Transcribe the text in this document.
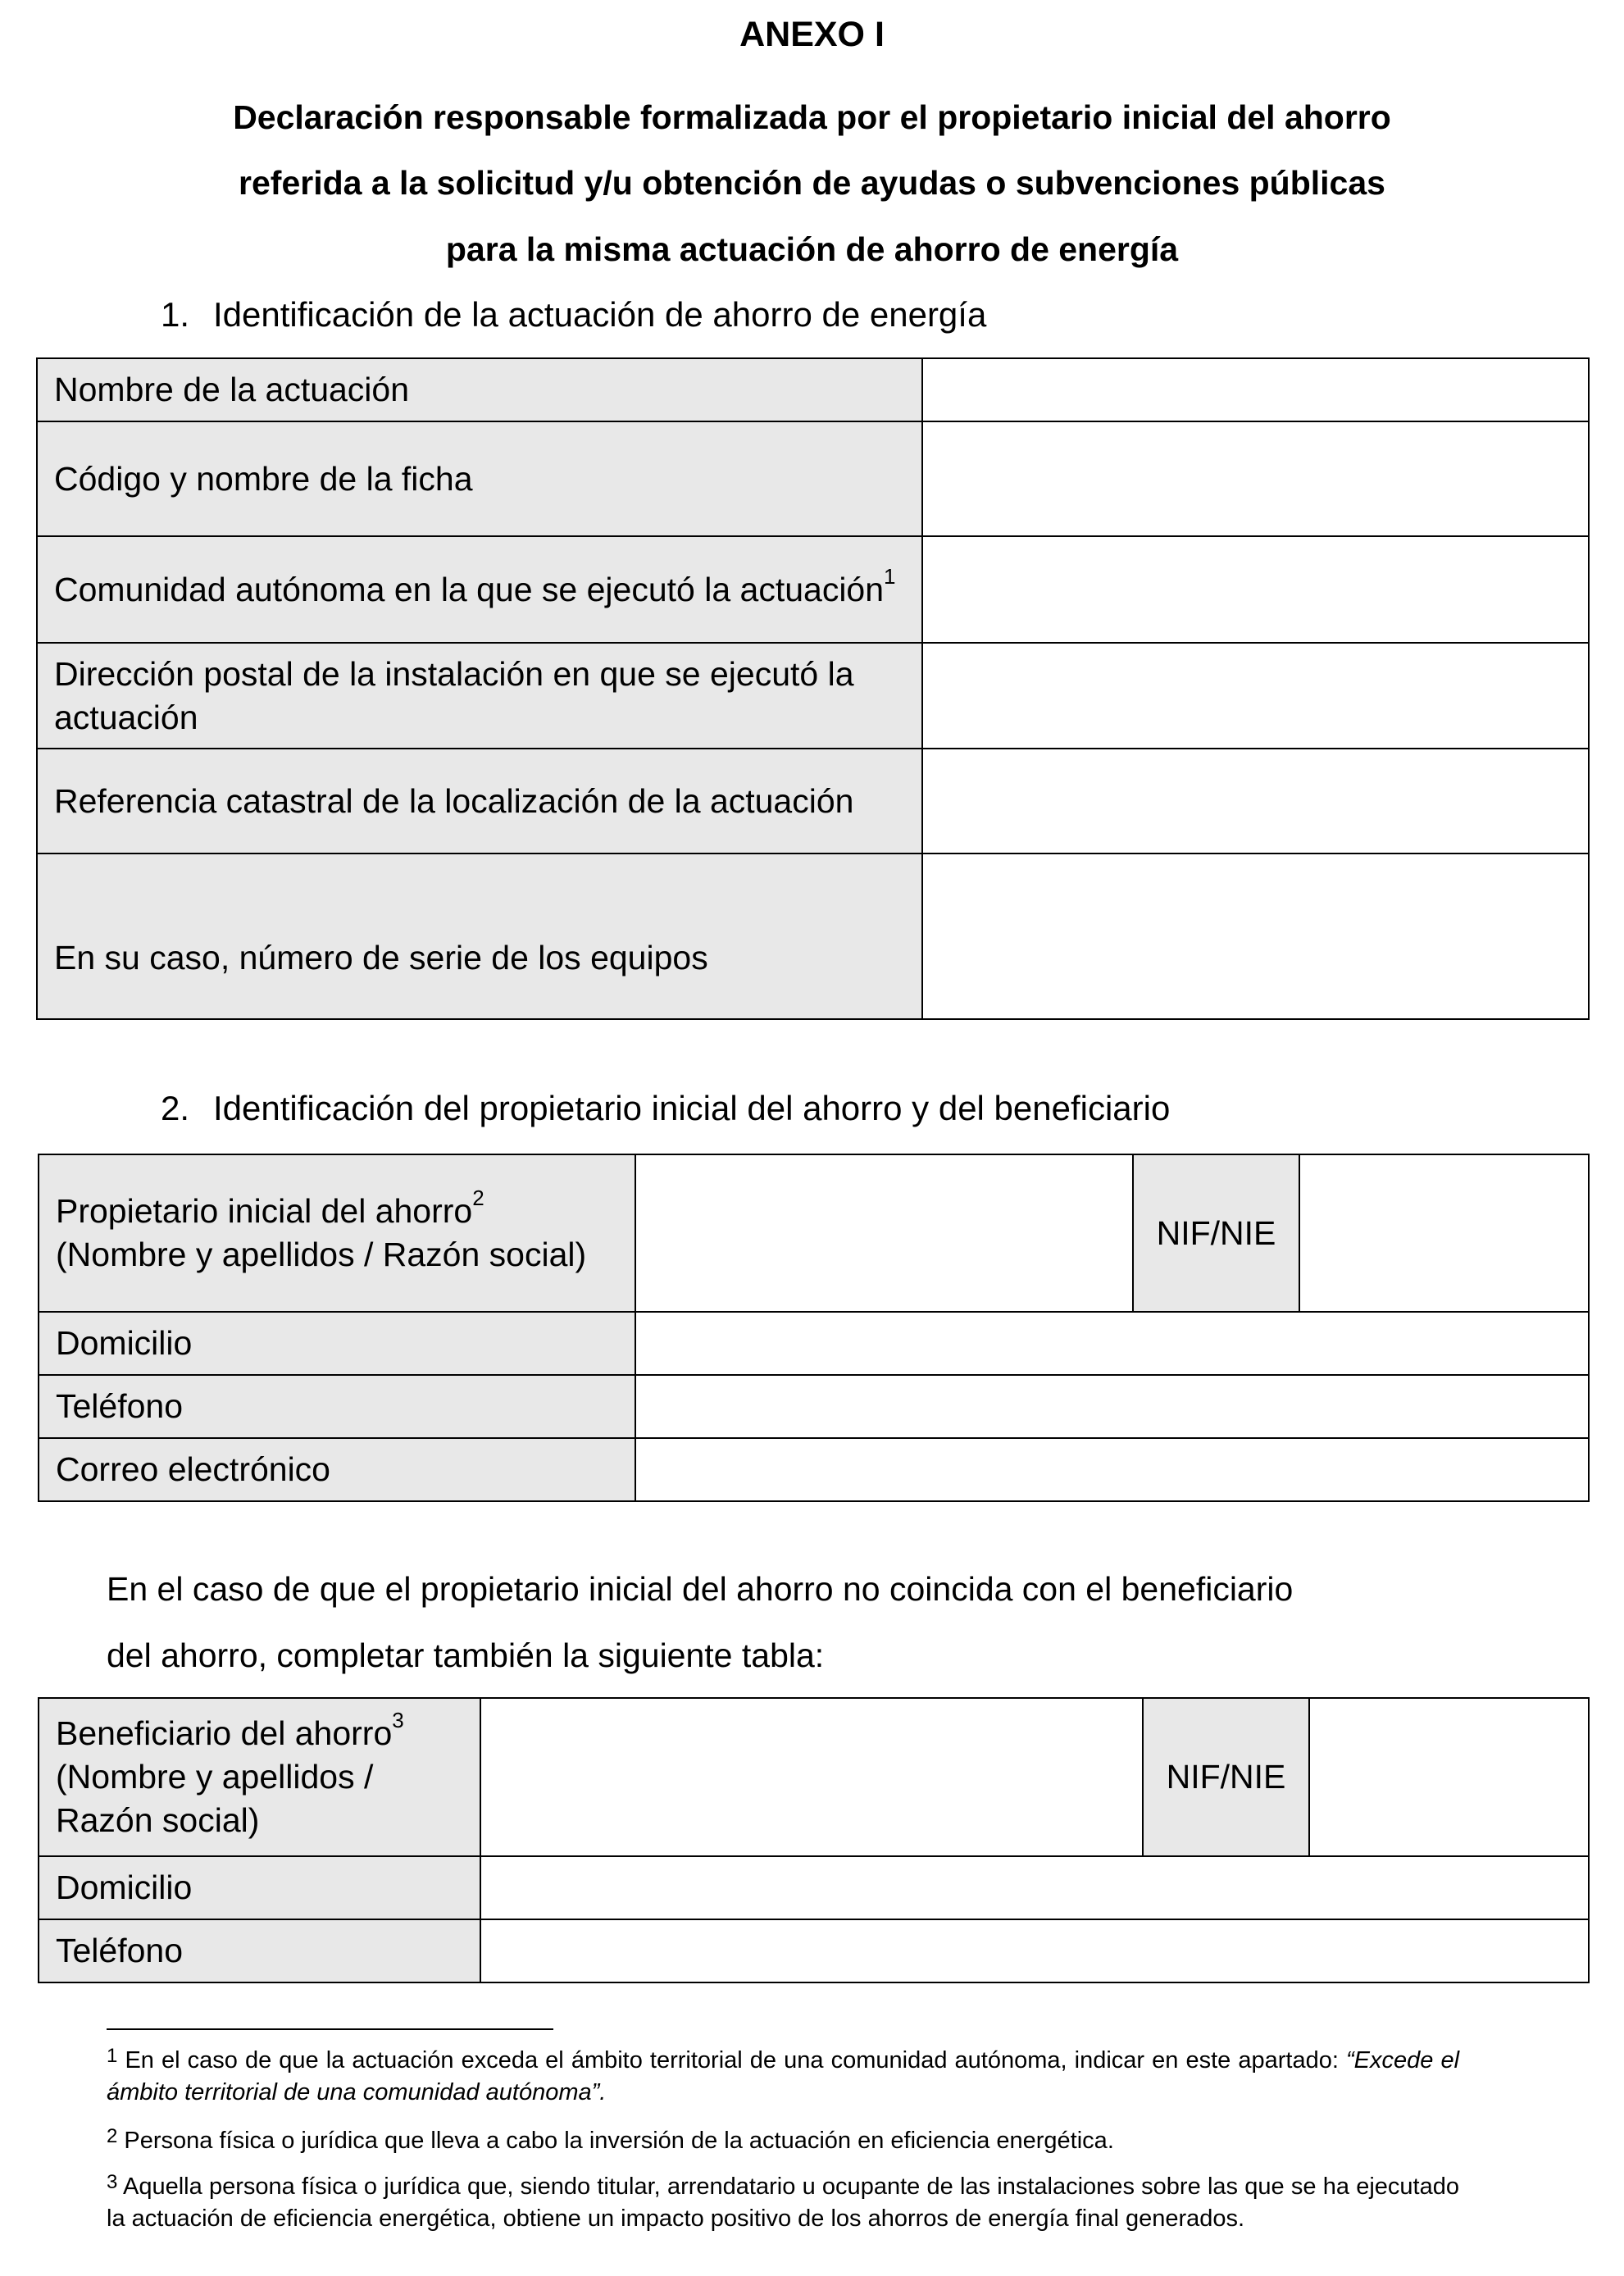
ANEXO I
Declaración responsable formalizada por el propietario inicial del ahorro
referida a la solicitud y/u obtención de ayudas o subvenciones públicas
para la misma actuación de ahorro de energía
1. Identificación de la actuación de ahorro de energía
Nombre de la actuación	
Código y nombre de la ficha	
Comunidad autónoma en la que se ejecutó la actuación$^1$	
Dirección postal de la instalación en que se ejecutó la actuación	
Referencia catastral de la localización de la actuación	
En su caso, número de serie de los equipos	
2. Identificación del propietario inicial del ahorro y del beneficiario
Propietario inicial del ahorro$^2$
(Nombre y apellidos / Razón social)		NIF/NIE	
Domicilio			
Teléfono			
Correo electrónico			
En el caso de que el propietario inicial del ahorro no coincida con el beneficiario
del ahorro, completar también la siguiente tabla:
Beneficiario del ahorro$^3$
(Nombre y apellidos /
Razón social)		NIF/NIE	
Domicilio			
Teléfono			
$^1$ En el caso de que la actuación exceda el ámbito territorial de una comunidad autónoma, indicar en este apartado: “Excede el ámbito territorial de una comunidad autónoma”.
$^2$ Persona física o jurídica que lleva a cabo la inversión de la actuación en eficiencia energética.
$^3$ Aquella persona física o jurídica que, siendo titular, arrendatario u ocupante de las instalaciones sobre las que se ha ejecutado la actuación de eficiencia energética, obtiene un impacto positivo de los ahorros de energía final generados.
